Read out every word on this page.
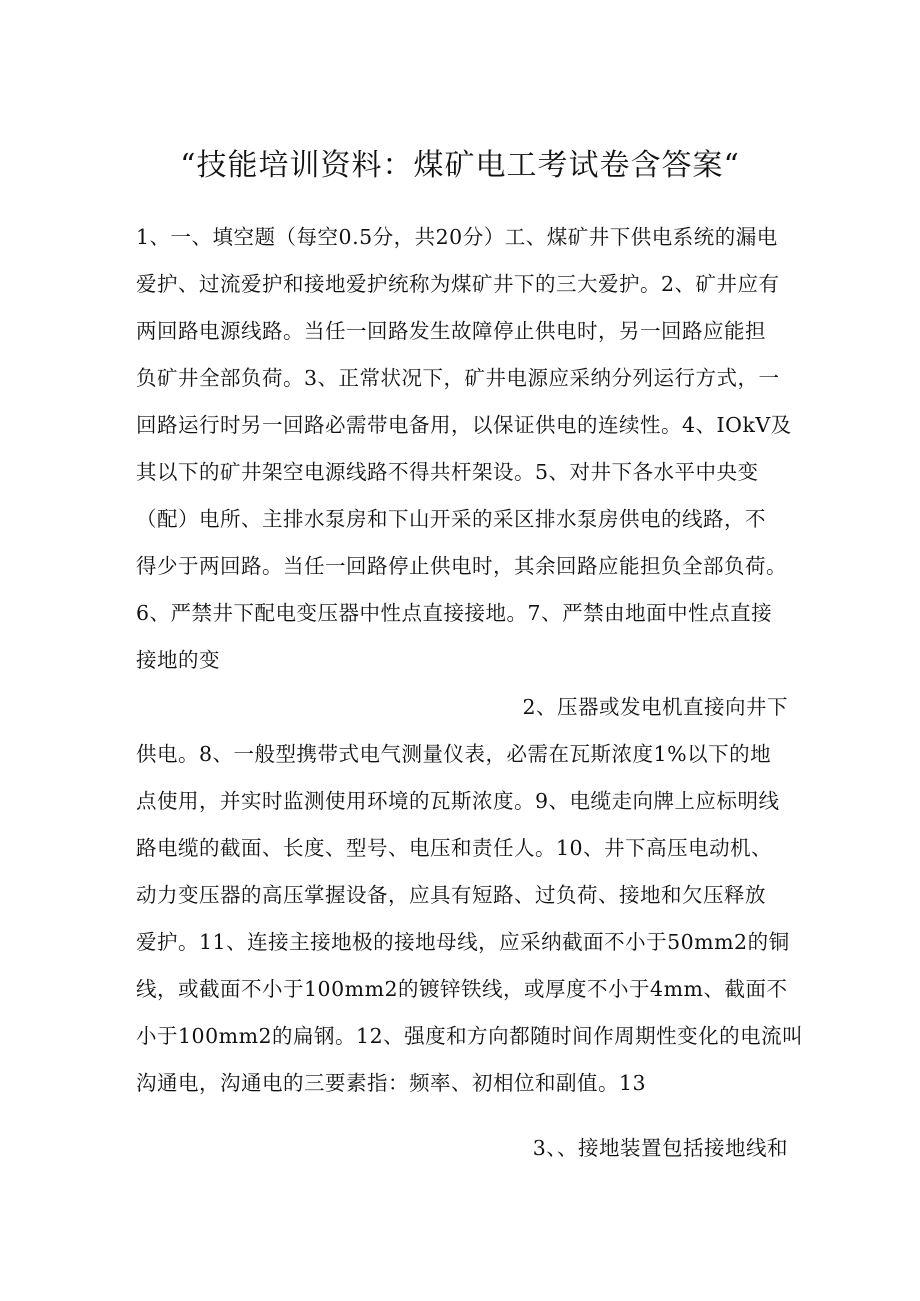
“技能培训资料：煤矿电工考试卷含答案“
1、一、填空题（每空0.5分，共20分）工、煤矿井下供电系统的漏电
爱护、过流爱护和接地爱护统称为煤矿井下的三大爱护。2、矿井应有
两回路电源线路。当任一回路发生故障停止供电时，另一回路应能担
负矿井全部负荷。3、正常状况下，矿井电源应采纳分列运行方式，一
回路运行时另一回路必需带电备用，以保证供电的连续性。4、IOkV及
其以下的矿井架空电源线路不得共杆架设。5、对井下各水平中央变
（配）电所、主排水泵房和下山开采的采区排水泵房供电的线路，不
得少于两回路。当任一回路停止供电时，其余回路应能担负全部负荷。
6、严禁井下配电变压器中性点直接接地。7、严禁由地面中性点直接
接地的变
2、压器或发电机直接向井下
供电。8、一般型携带式电气测量仪表，必需在瓦斯浓度1%以下的地
点使用，并实时监测使用环境的瓦斯浓度。9、电缆走向牌上应标明线
路电缆的截面、长度、型号、电压和责任人。10、井下高压电动机、
动力变压器的高压掌握设备，应具有短路、过负荷、接地和欠压释放
爱护。11、连接主接地极的接地母线，应采纳截面不小于50mm2的铜
线，或截面不小于100mm2的镀锌铁线，或厚度不小于4mm、截面不
小于100mm2的扁钢。12、强度和方向都随时间作周期性变化的电流叫
沟通电，沟通电的三要素指：频率、初相位和副值。13
3、、接地装置包括接地线和
